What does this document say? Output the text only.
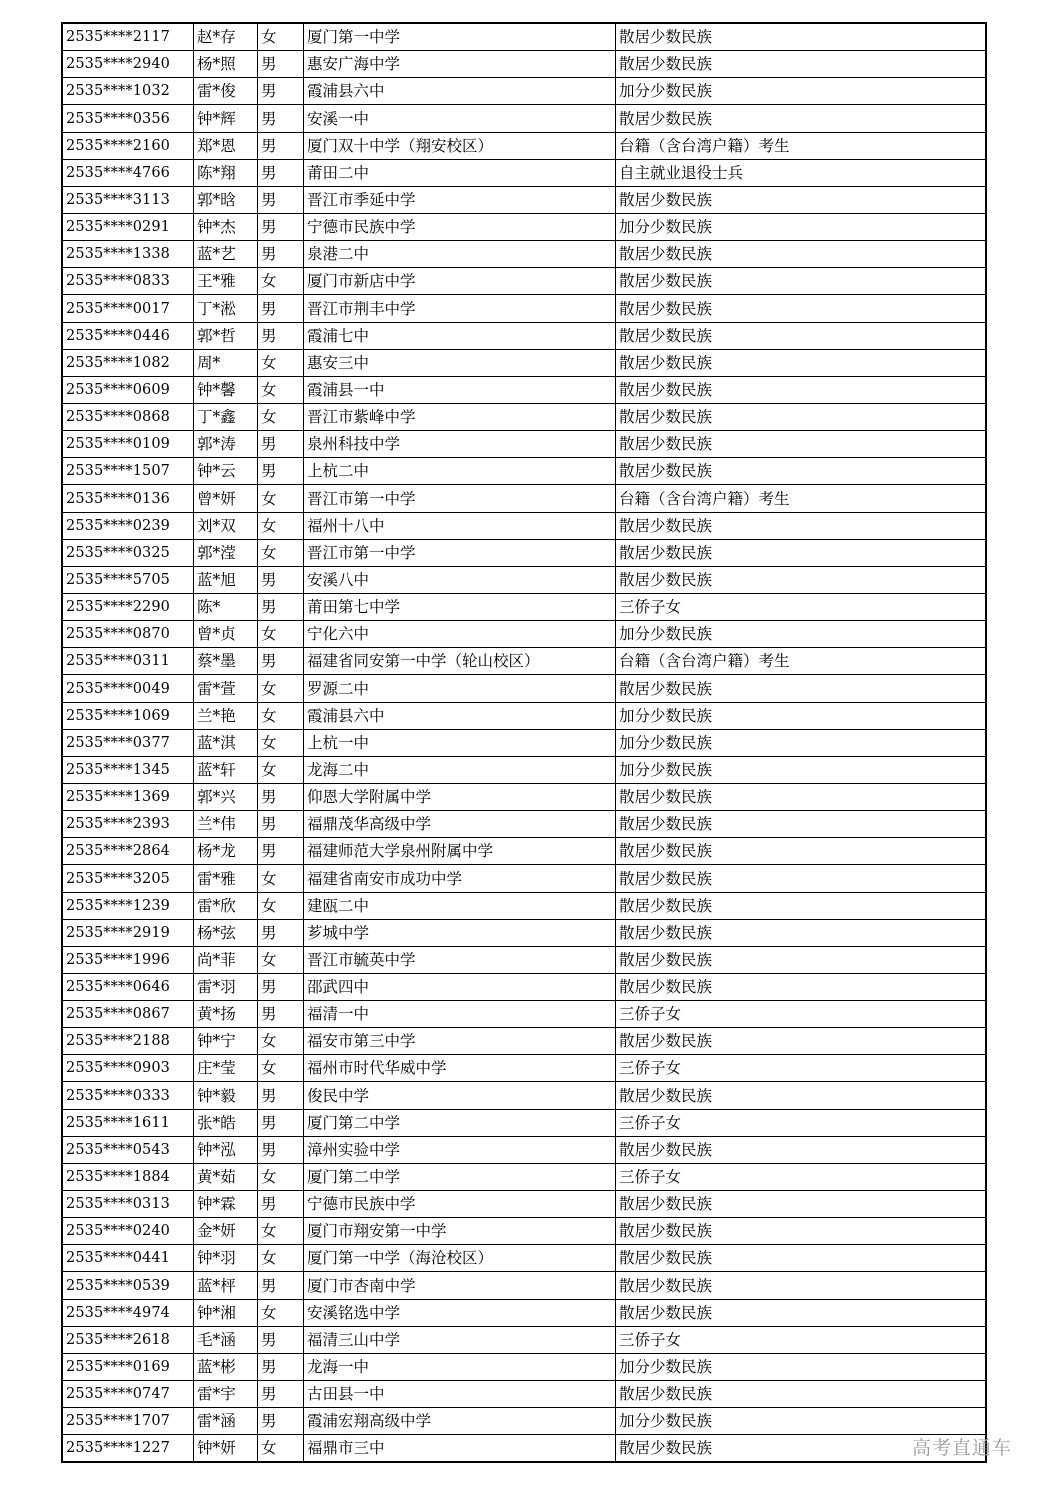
2535****2117	赵*存	女	厦门第一中学	散居少数民族
2535****2940	杨*照	男	惠安广海中学	散居少数民族
2535****1032	雷*俊	男	霞浦县六中	加分少数民族
2535****0356	钟*辉	男	安溪一中	散居少数民族
2535****2160	郑*恩	男	厦门双十中学（翔安校区）	台籍（含台湾户籍）考生
2535****4766	陈*翔	男	莆田二中	自主就业退役士兵
2535****3113	郭*晗	男	晋江市季延中学	散居少数民族
2535****0291	钟*杰	男	宁德市民族中学	加分少数民族
2535****1338	蓝*艺	男	泉港二中	散居少数民族
2535****0833	王*雅	女	厦门市新店中学	散居少数民族
2535****0017	丁*淞	男	晋江市荆丰中学	散居少数民族
2535****0446	郭*哲	男	霞浦七中	散居少数民族
2535****1082	周*	女	惠安三中	散居少数民族
2535****0609	钟*馨	女	霞浦县一中	散居少数民族
2535****0868	丁*鑫	女	晋江市紫峰中学	散居少数民族
2535****0109	郭*涛	男	泉州科技中学	散居少数民族
2535****1507	钟*云	男	上杭二中	散居少数民族
2535****0136	曾*妍	女	晋江市第一中学	台籍（含台湾户籍）考生
2535****0239	刘*双	女	福州十八中	散居少数民族
2535****0325	郭*滢	女	晋江市第一中学	散居少数民族
2535****5705	蓝*旭	男	安溪八中	散居少数民族
2535****2290	陈*	男	莆田第七中学	三侨子女
2535****0870	曾*贞	女	宁化六中	加分少数民族
2535****0311	蔡*墨	男	福建省同安第一中学（轮山校区）	台籍（含台湾户籍）考生
2535****0049	雷*萱	女	罗源二中	散居少数民族
2535****1069	兰*艳	女	霞浦县六中	加分少数民族
2535****0377	蓝*淇	女	上杭一中	加分少数民族
2535****1345	蓝*轩	女	龙海二中	加分少数民族
2535****1369	郭*兴	男	仰恩大学附属中学	散居少数民族
2535****2393	兰*伟	男	福鼎茂华高级中学	散居少数民族
2535****2864	杨*龙	男	福建师范大学泉州附属中学	散居少数民族
2535****3205	雷*雅	女	福建省南安市成功中学	散居少数民族
2535****1239	雷*欣	女	建瓯二中	散居少数民族
2535****2919	杨*弦	男	芗城中学	散居少数民族
2535****1996	尚*菲	女	晋江市毓英中学	散居少数民族
2535****0646	雷*羽	男	邵武四中	散居少数民族
2535****0867	黄*扬	男	福清一中	三侨子女
2535****2188	钟*宁	女	福安市第三中学	散居少数民族
2535****0903	庄*莹	女	福州市时代华威中学	三侨子女
2535****0333	钟*毅	男	俊民中学	散居少数民族
2535****1611	张*皓	男	厦门第二中学	三侨子女
2535****0543	钟*泓	男	漳州实验中学	散居少数民族
2535****1884	黄*茹	女	厦门第二中学	三侨子女
2535****0313	钟*霖	男	宁德市民族中学	散居少数民族
2535****0240	金*妍	女	厦门市翔安第一中学	散居少数民族
2535****0441	钟*羽	女	厦门第一中学（海沧校区）	散居少数民族
2535****0539	蓝*枰	男	厦门市杏南中学	散居少数民族
2535****4974	钟*湘	女	安溪铭选中学	散居少数民族
2535****2618	毛*涵	男	福清三山中学	三侨子女
2535****0169	蓝*彬	男	龙海一中	加分少数民族
2535****0747	雷*宇	男	古田县一中	散居少数民族
2535****1707	雷*涵	男	霞浦宏翔高级中学	加分少数民族
2535****1227	钟*妍	女	福鼎市三中	散居少数民族	高考直通车
